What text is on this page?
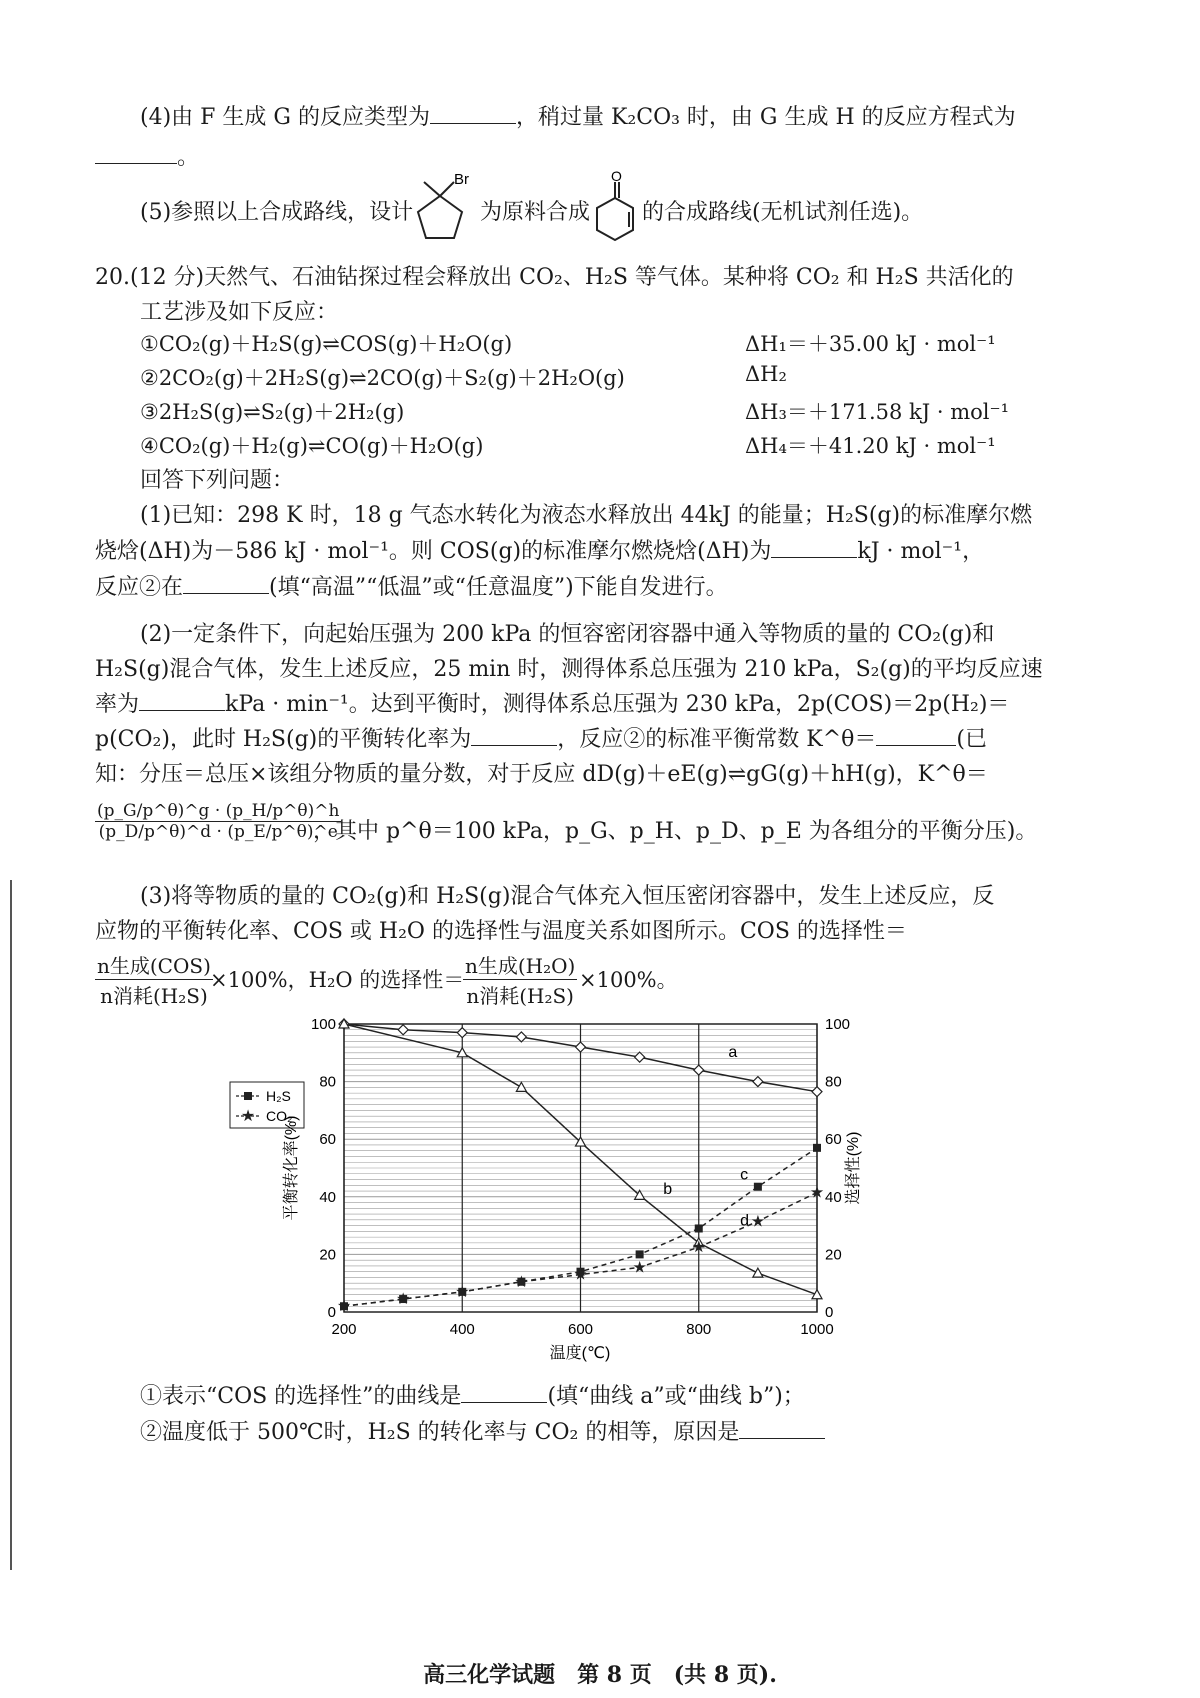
(4)由 F 生成 G 的反应类型为	，稍过量 K₂CO₃ 时，由 G 生成 H 的反应方程式为
。
(5)参照以上合成路线，设计
Br
为原料合成
O
的合成路线(无机试剂任选)。
20.(12 分)天然气、石油钻探过程会释放出 CO₂、H₂S 等气体。某种将 CO₂ 和 H₂S 共活化的
工艺涉及如下反应：
①CO₂(g)＋H₂S(g)⇌COS(g)＋H₂O(g)	ΔH₁＝＋35.00 kJ · mol⁻¹
②2CO₂(g)＋2H₂S(g)⇌2CO(g)＋S₂(g)＋2H₂O(g)	ΔH₂
③2H₂S(g)⇌S₂(g)＋2H₂(g)	ΔH₃＝＋171.58 kJ · mol⁻¹
④CO₂(g)＋H₂(g)⇌CO(g)＋H₂O(g)	ΔH₄＝＋41.20 kJ · mol⁻¹
回答下列问题：
(1)已知：298 K 时，18 g 气态水转化为液态水释放出 44kJ 的能量；H₂S(g)的标准摩尔燃
烧焓(ΔH)为－586 kJ · mol⁻¹。则 COS(g)的标准摩尔燃烧焓(ΔH)为	kJ · mol⁻¹，
反应②在	(填“高温”“低温”或“任意温度”)下能自发进行。
(2)一定条件下，向起始压强为 200 kPa 的恒容密闭容器中通入等物质的量的 CO₂(g)和
H₂S(g)混合气体，发生上述反应，25 min 时，测得体系总压强为 210 kPa，S₂(g)的平均反应速
率为	kPa · min⁻¹。达到平衡时，测得体系总压强为 230 kPa，2p(COS)＝2p(H₂)＝
p(CO₂)，此时 H₂S(g)的平衡转化率为	，反应②的标准平衡常数 K^θ＝	(已
知：分压＝总压×该组分物质的量分数，对于反应 dD(g)＋eE(g)⇌gG(g)＋hH(g)，K^θ＝
$\frac{(p\_G/p\^{}\theta)\^{}g \cdot (p\_H/p\^{}\theta)\^{}h}{(p\_D/p\^{}\theta)\^{}d \cdot (p\_E/p\^{}\theta)\^{}e}$
，其中 p^θ＝100 kPa，p_G、p_H、p_D、p_E 为各组分的平衡分压)。
(3)将等物质的量的 CO₂(g)和 H₂S(g)混合气体充入恒压密闭容器中，发生上述反应，反
应物的平衡转化率、COS 或 H₂O 的选择性与温度关系如图所示。COS 的选择性＝
n生成(COS)
n消耗(H₂S)
×100%，H₂O 的选择性＝
n生成(H₂O)
n消耗(H₂S)
×100%。
200	400	600	800	1000
0	0
20	20
40	40
60	60
80	80
100	100
★	★	★
★	★	★
★
★
★
a
b
c
d
H₂S
★ CO₂
平衡转化率(%)	选择性(%)
温度(℃)
①表示“COS 的选择性”的曲线是	(填“曲线 a”或“曲线 b”)；
②温度低于 500℃时，H₂S 的转化率与 CO₂ 的相等，原因是
高三化学试题　第 8 页　(共 8 页).
